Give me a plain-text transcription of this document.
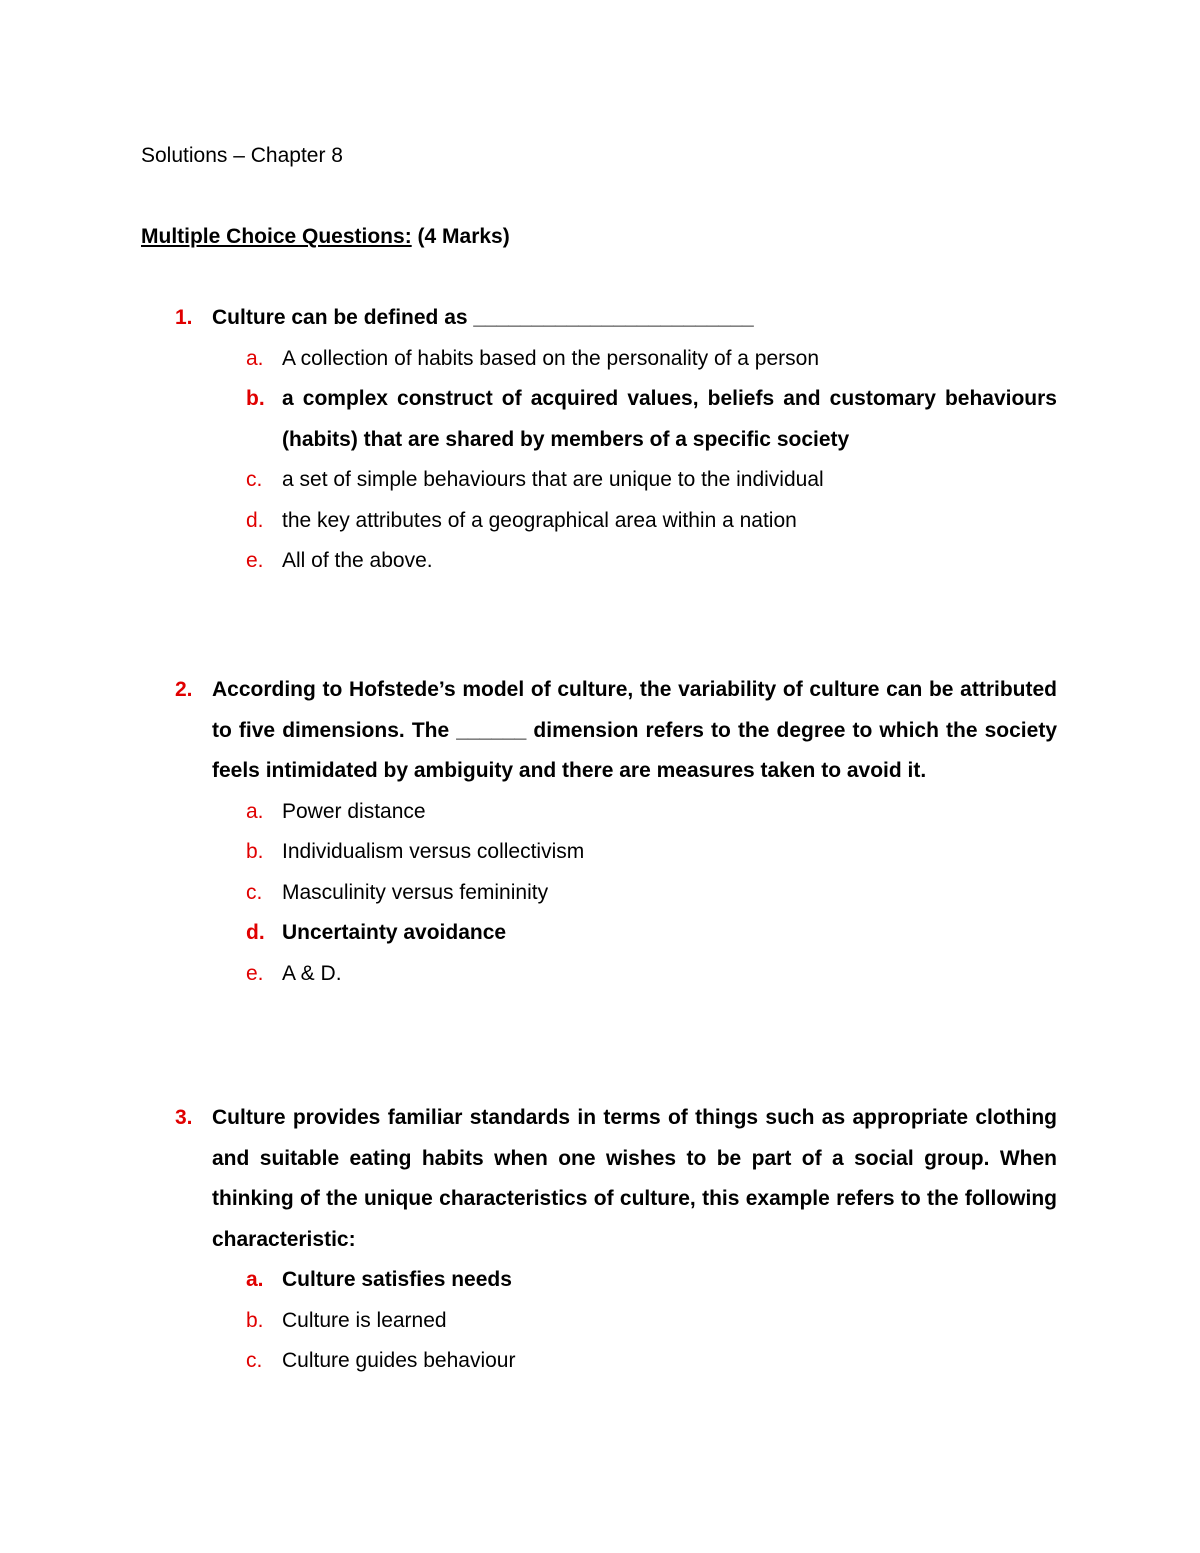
Solutions – Chapter 8
Multiple Choice Questions: (4 Marks)
1. Culture can be defined as ________________________
a. A collection of habits based on the personality of a person
b. a complex construct of acquired values, beliefs and customary behaviours (habits) that are shared by members of a specific society
c. a set of simple behaviours that are unique to the individual
d. the key attributes of a geographical area within a nation
e. All of the above.
2. According to Hofstede’s model of culture, the variability of culture can be attributed to five dimensions. The ______ dimension refers to the degree to which the society feels intimidated by ambiguity and there are measures taken to avoid it.
a. Power distance
b. Individualism versus collectivism
c. Masculinity versus femininity
d. Uncertainty avoidance
e. A & D.
3. Culture provides familiar standards in terms of things such as appropriate clothing and suitable eating habits when one wishes to be part of a social group. When thinking of the unique characteristics of culture, this example refers to the following characteristic:
a. Culture satisfies needs
b. Culture is learned
c. Culture guides behaviour
